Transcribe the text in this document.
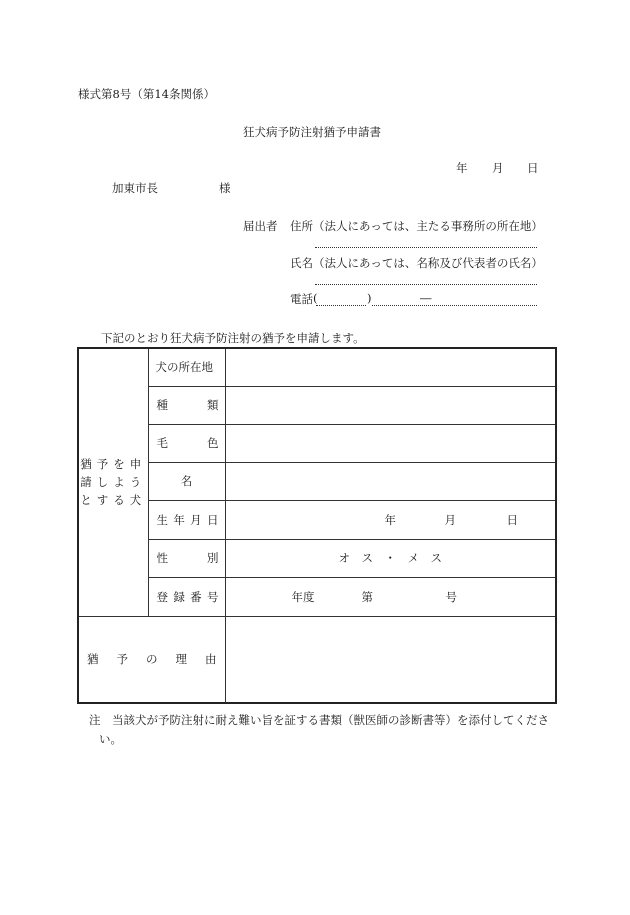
様式第8号（第14条関係）
狂犬病予防注射猶予申請書
年 月 日
加東市長	様
届出者 住所（法人にあっては、主たる事務所の所在地）
氏名（法人にあっては、名称及び代表者の氏名）
電話 (	)	―
下記のとおり狂犬病予防注射の猶予を申請します。
猶予を申
請しよう
とする犬	犬の所在地	

	種 類	

	毛 色	

	名	

	生 年 月 日	年 月 日

	性 別	オ　ス　・　メ　ス

	登 録 番 号	年度 第 号

猶 予 の 理 由		

注 当該犬が予防注射に耐え難い旨を証する書類（獣医師の診断書等）を添付してくださ
い。
